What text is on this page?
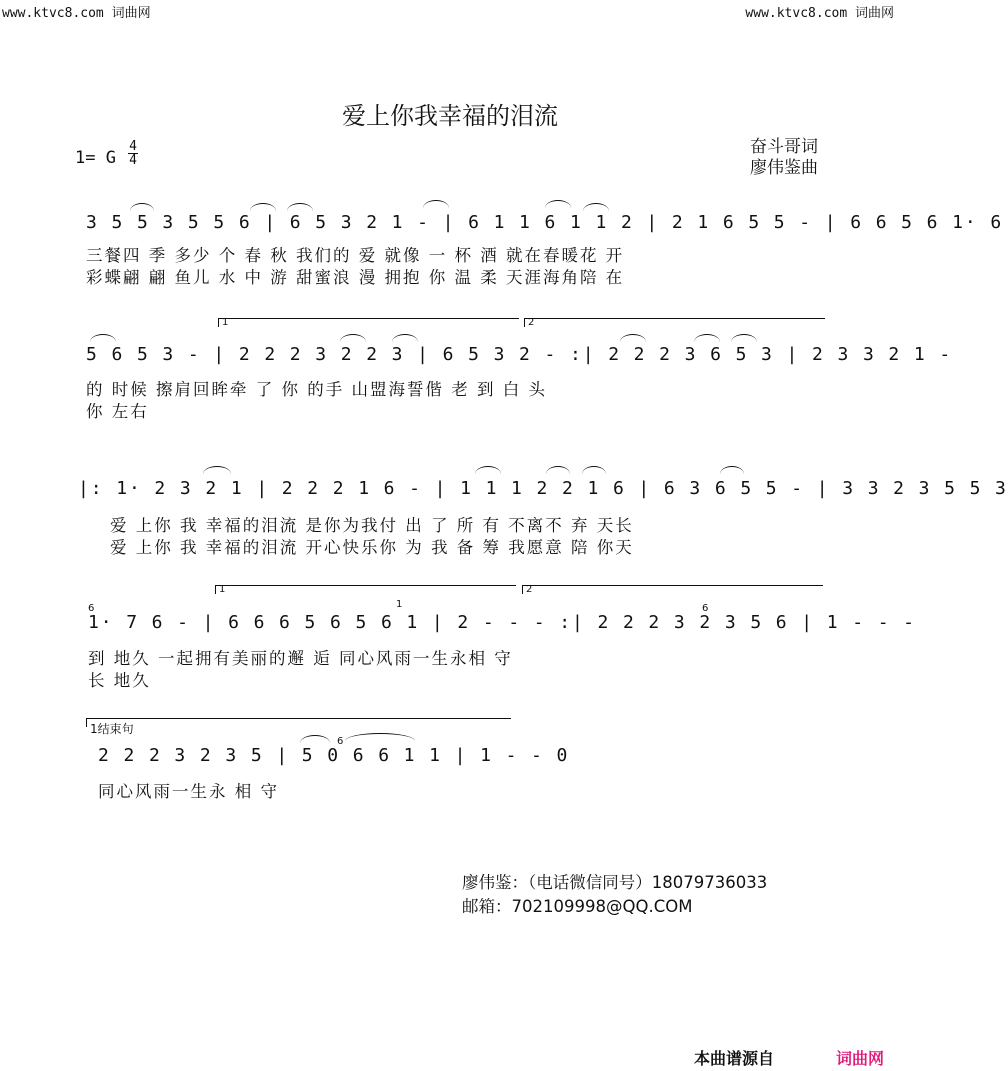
www.ktvc8.com 词曲网	www.ktvc8.com 词曲网
爱上你我幸福的泪流
奋斗哥词
廖伟鉴曲
1= G
4
4
3 5 5 3 5 5 6 | 6 5 3 2 1 - | 6 1 1 6 1 1 2 | 2 1 6 5 5 - | 6 6 5 6 1· 6
三餐四 季 多少 个 春 秋 我们的 爱 就像 一 杯 酒 就在春暖花 开
彩蝶翩 翩 鱼儿 水 中 游 甜蜜浪 漫 拥抱 你 温 柔 天涯海角陪 在
1	2
5 6 5 3 - | 2 2 2 3 2 2 3 | 6 5 3 2 - :| 2 2 2 3 6 5 3 | 2 3 3 2 1 -
的 时候 擦肩回眸牵 了 你 的手 山盟海誓偕 老 到 白 头
你 左右
|: 1· 2 3 2 1 | 2 2 2 1 6 - | 1 1 1 2 2 1 6 | 6 3 6 5 5 - | 3 3 2 3 5 5 3
爱 上你 我 幸福的泪流 是你为我付 出 了 所 有 不离不 弃 天长
爱 上你 我 幸福的泪流 开心快乐你 为 我 备 筹 我愿意 陪 你天
1	2
6	1	6
1· 7 6 - | 6 6 6 5 6 5 6 1 | 2 - - - :| 2 2 2 3 2 3 5 6 | 1 - - -
到 地久 一起拥有美丽的邂 逅 同心风雨一生永相 守
长 地久
1结束句
6
2 2 2 3 2 3 5 | 5 0 6 6 1 1 | 1 - - 0
同心风雨一生永 相 守
廖伟鉴：（电话微信同号）18079736033
邮箱：702109998@QQ.COM
本曲谱源自	词曲网
